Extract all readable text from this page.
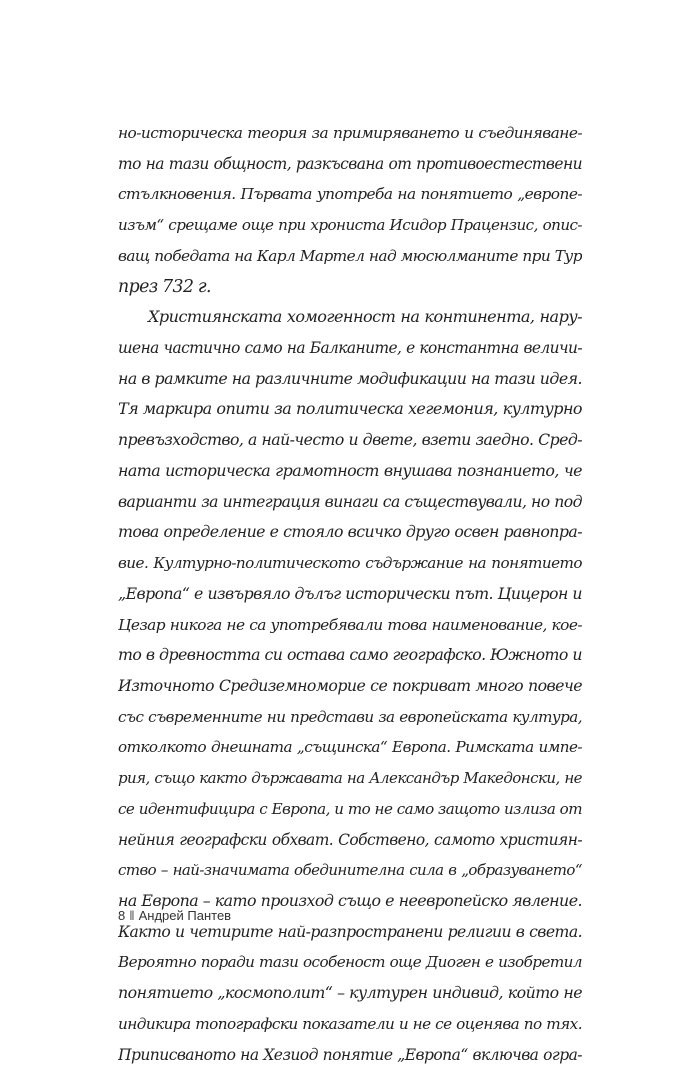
но-историческа теория за примиряването и съединяване-
то на тази общност, разкъсвана от противоестествени
стълкновения. Първата употреба на понятието „европе-
изъм“ срещаме още при хрониста Исидор Працензис, опис-
ващ победата на Карл Мартел над мюсюлманите при Тур
през 732 г.
Християнската хомогенност на континента, нару-
шена частично само на Балканите, е константна величи-
на в рамките на различните модификации на тази идея.
Тя маркира опити за политическа хегемония, културно
превъзходство, а най-често и двете, взети заедно. Сред-
ната историческа грамотност внушава познанието, че
варианти за интеграция винаги са съществували, но под
това определение е стояло всичко друго освен равнопра-
вие. Културно-политическото съдържание на понятието
„Европа“ е извървяло дълъг исторически път. Цицерон и
Цезар никога не са употребявали това наименование, кое-
то в древността си остава само географско. Южното и
Източното Средиземноморие се покриват много повече
със съвременните ни представи за европейската култура,
отколкото днешната „същинска“ Европа. Римската импе-
рия, също както държавата на Александър Македонски, не
се идентифицира с Европа, и то не само защото излиза от
нейния географски обхват. Собствено, самото християн-
ство – най-значимата обединителна сила в „образуването“
на Европа – като произход също е неевропейско явление.
Както и четирите най-разпространени религии в света.
Вероятно поради тази особеност още Диоген е изобретил
понятието „космополит“ – културен индивид, който не
индикира топографски показатели и не се оценява по тях.
Приписваното на Хезиод понятие „Европа“ включва огра-
8 ‖ Андрей Пантев
